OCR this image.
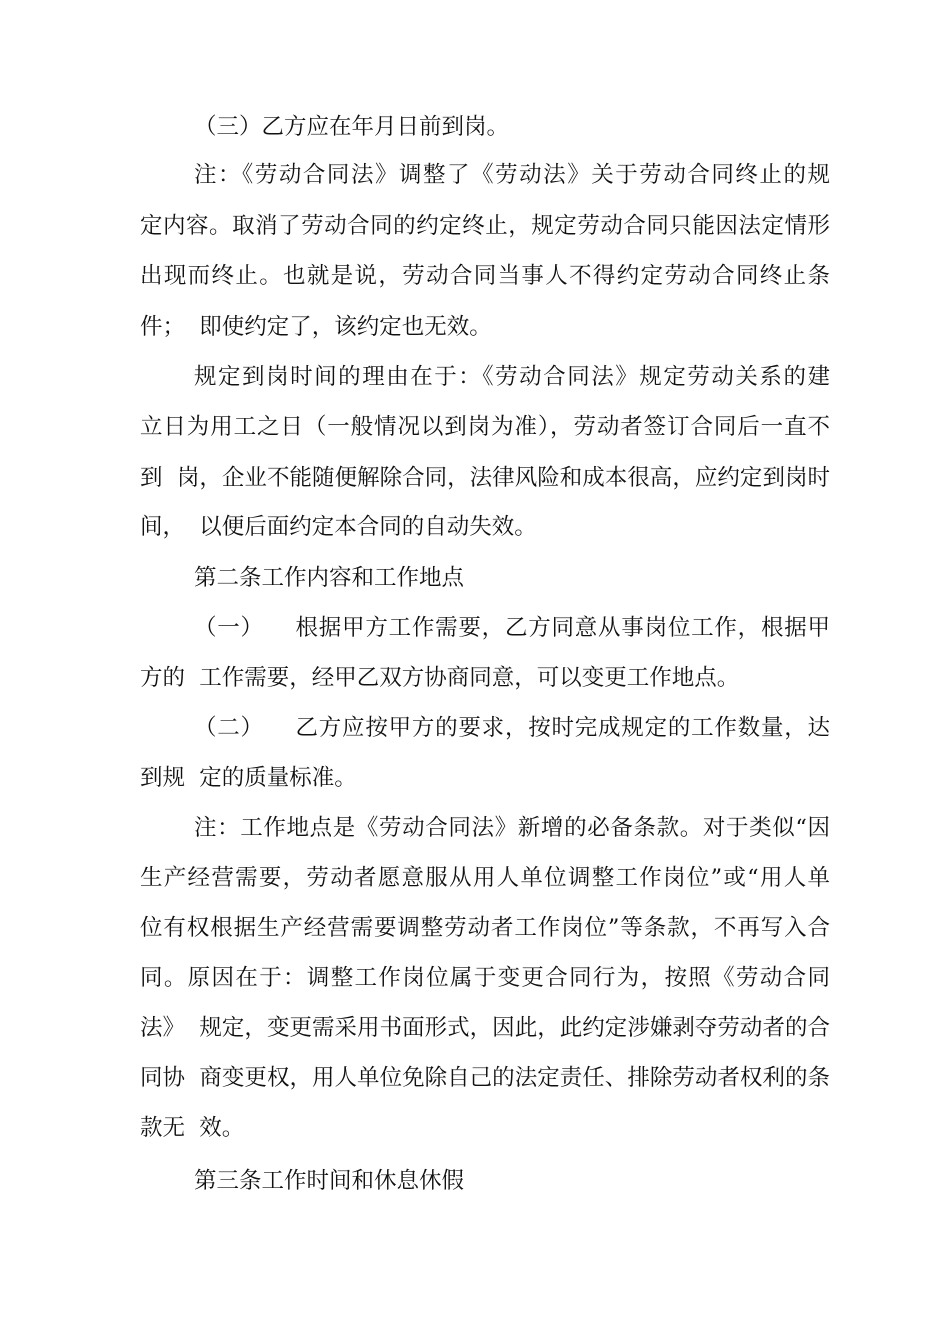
（三）乙方应在年月日前到岗。
注：《劳动合同法》调整了《劳动法》关于劳动合同终止的规
定内容。取消了劳动合同的约定终止，规定劳动合同只能因法定情形
出现而终止。也就是说，劳动合同当事人不得约定劳动合同终止条
件；  即使约定了，该约定也无效。
规定到岗时间的理由在于：《劳动合同法》规定劳动关系的建
立日为用工之日（一般情况以到岗为准），劳动者签订合同后一直不
到  岗，企业不能随便解除合同，法律风险和成本很高，应约定到岗时
间，  以便后面约定本合同的自动失效。
第二条工作内容和工作地点
（一）    根据甲方工作需要，乙方同意从事岗位工作，根据甲
方的  工作需要，经甲乙双方协商同意，可以变更工作地点。
（二）    乙方应按甲方的要求，按时完成规定的工作数量，达
到规  定的质量标准。
注：工作地点是《劳动合同法》新增的必备条款。对于类似“因
生产经营需要，劳动者愿意服从用人单位调整工作岗位”或“用人单
位有权根据生产经营需要调整劳动者工作岗位”等条款，不再写入合
同。原因在于：调整工作岗位属于变更合同行为，按照《劳动合同
法》  规定，变更需采用书面形式，因此，此约定涉嫌剥夺劳动者的合
同协  商变更权，用人单位免除自己的法定责任、排除劳动者权利的条
款无  效。
第三条工作时间和休息休假
